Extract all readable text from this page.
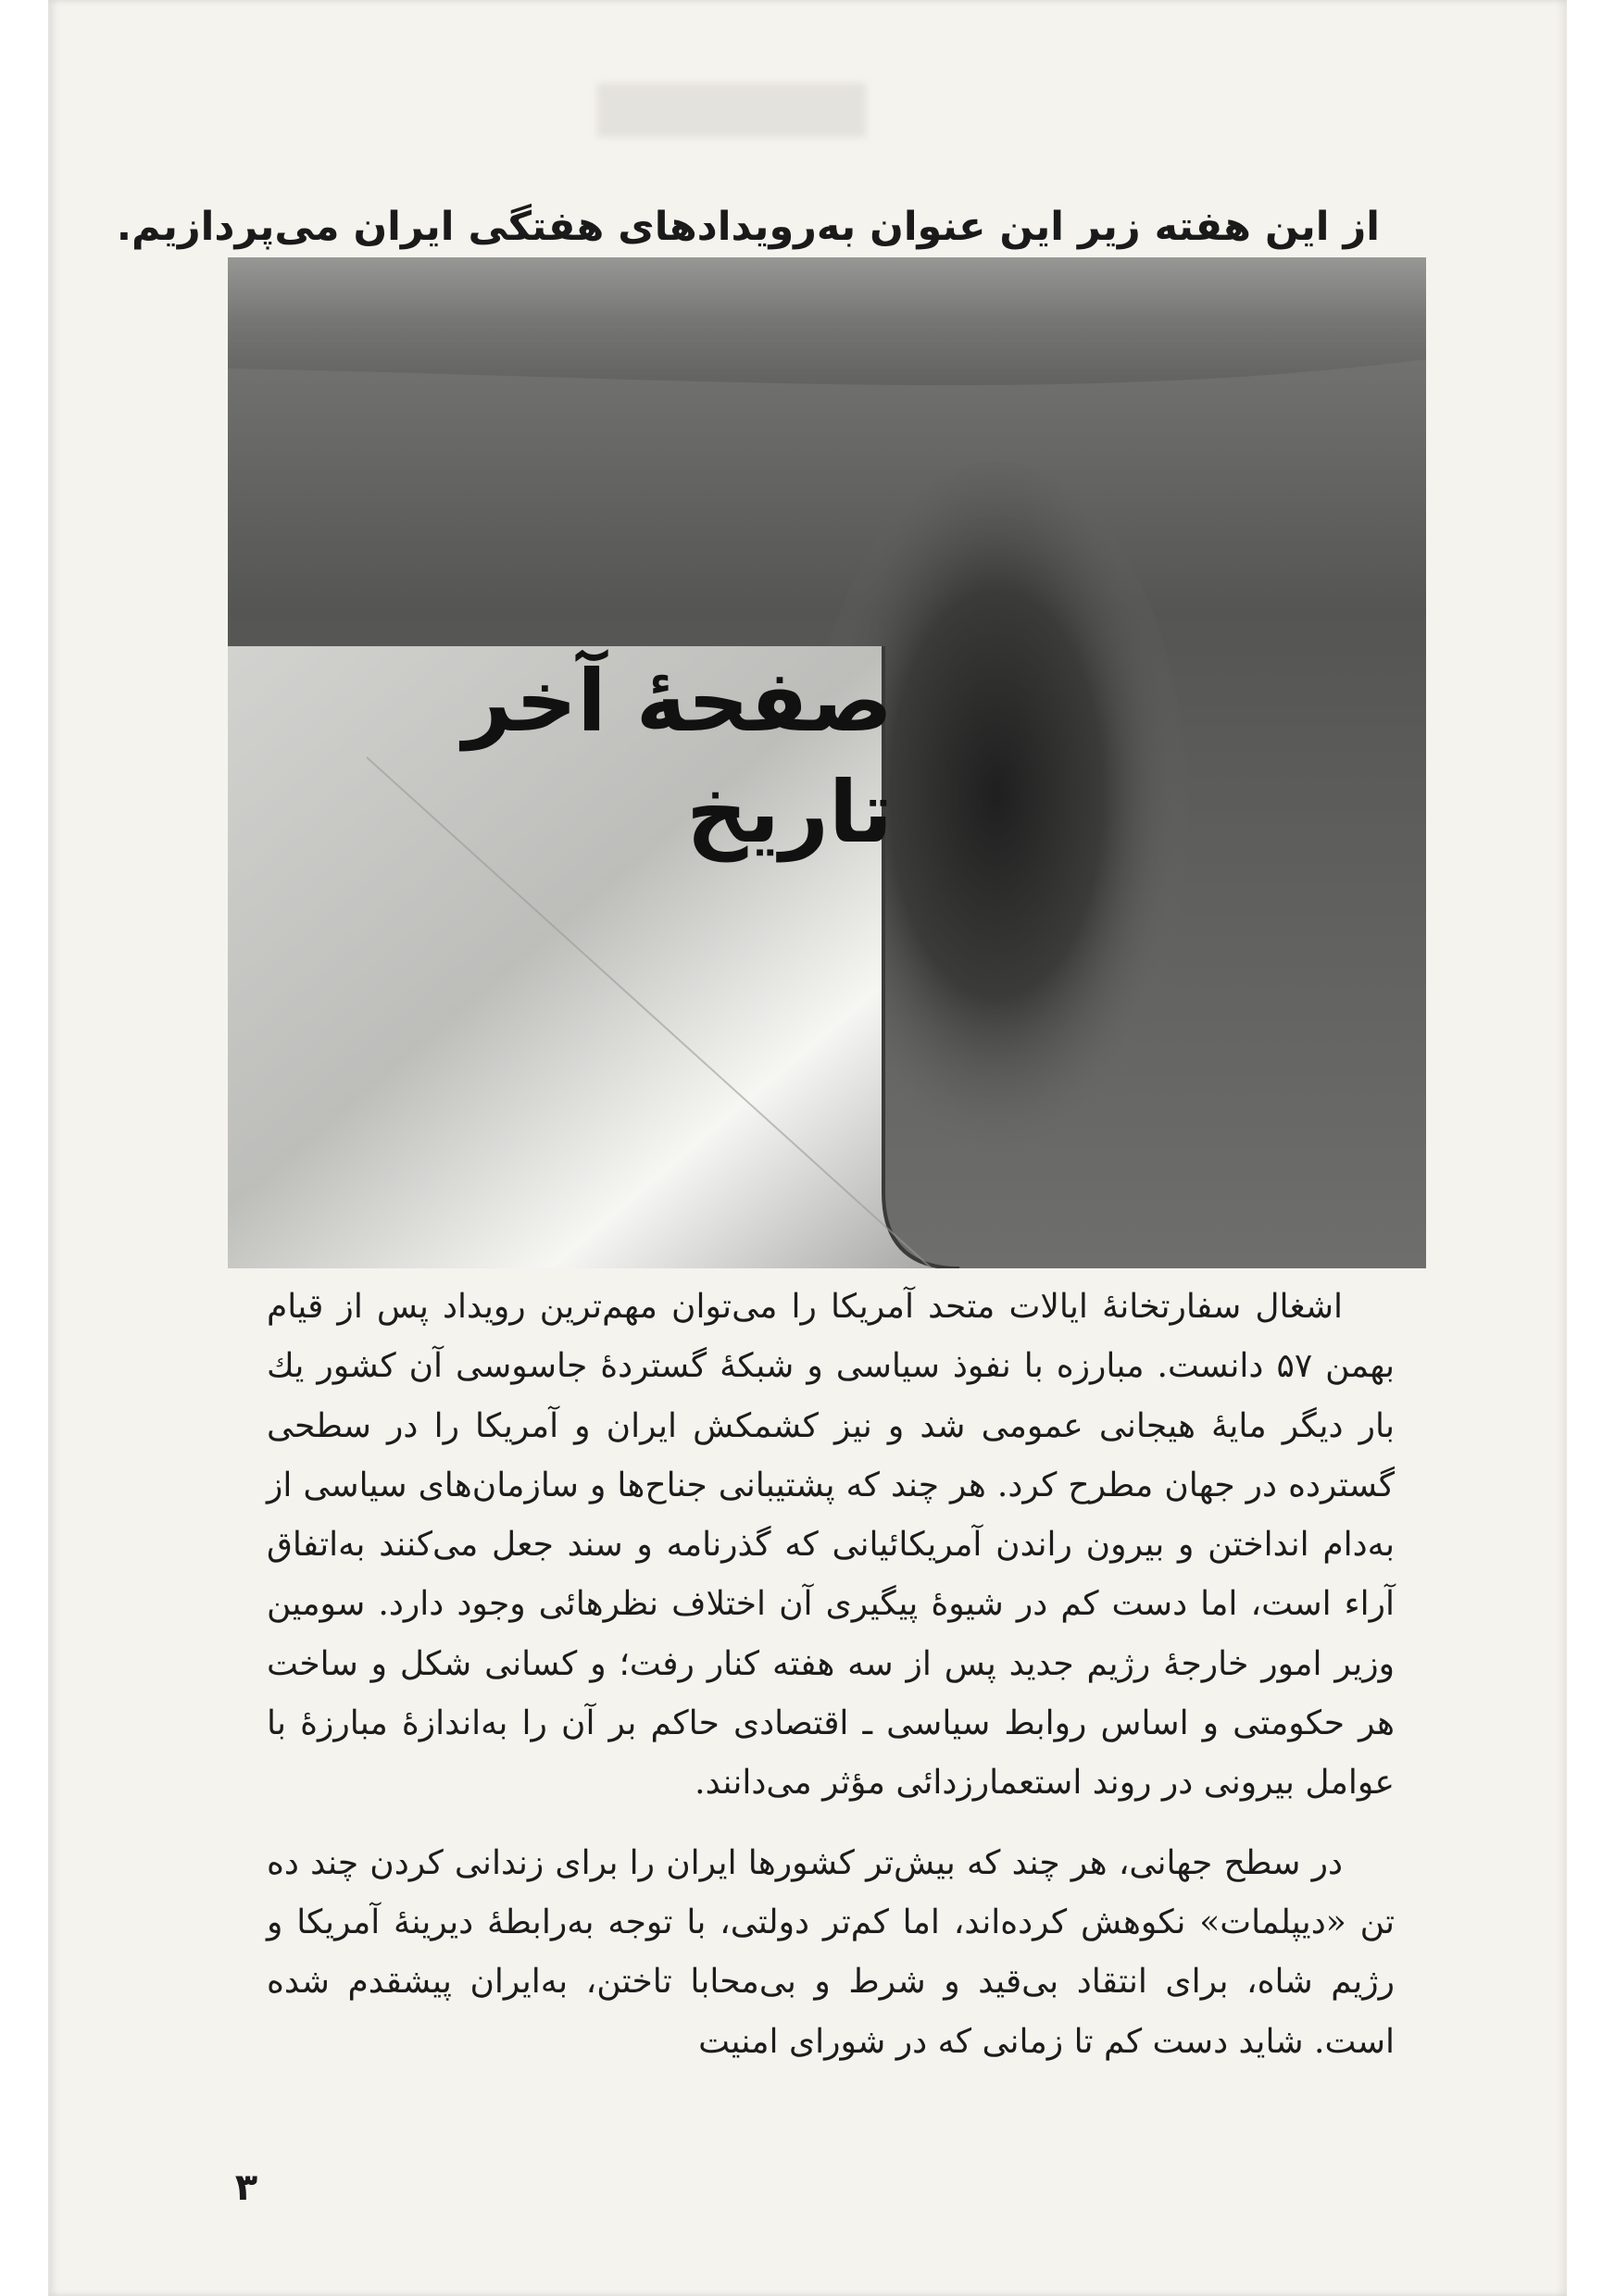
از این هفته زیر این عنوان به‌رویدادهای هفتگی ایران می‌پردازیم.
صفحهٔ آخر
تاریخ

اشغال سفارتخانهٔ ایالات متحد آمریکا را می‌توان مهم‌ترین رویداد پس از قیام بهمن ۵۷ دانست. مبارزه با نفوذ سیاسی و شبکهٔ گستردهٔ جاسوسی آن کشور یك بار دیگر مایهٔ هیجانی عمومی شد و نیز کشمکش ایران و آمریکا را در سطحی گسترده در جهان مطرح کرد. هر چند که پشتیبانی جناح‌ها و سازمان‌های سیاسی از به‌دام انداختن و بیرون راندن آمریکائیانی که گذرنامه و سند جعل می‌کنند به‌اتفاق آراء است، اما دست کم در شیوهٔ پیگیری آن اختلاف نظرهائی وجود دارد. سومین وزیر امور خارجهٔ رژیم جدید پس از سه هفته کنار رفت؛ و کسانی شکل و ساخت هر حکومتی و اساس روابط سیاسی ـ اقتصادی حاکم بر آن را به‌اندازهٔ مبارزهٔ با عوامل بیرونی در روند استعمارزدائی مؤثر می‌دانند.

در سطح جهانی، هر چند که بیش‌تر کشورها ایران را برای زندانی کردن چند ده تن «دیپلمات» نکوهش کرده‌اند، اما کم‌تر دولتی، با توجه به‌رابطهٔ دیرینهٔ آمریکا و رژیم شاه، برای انتقاد بی‌قید و شرط و بی‌محابا تاختن، به‌ایران پیشقدم شده است. شاید دست کم تا زمانی که در شورای امنیت

۳
